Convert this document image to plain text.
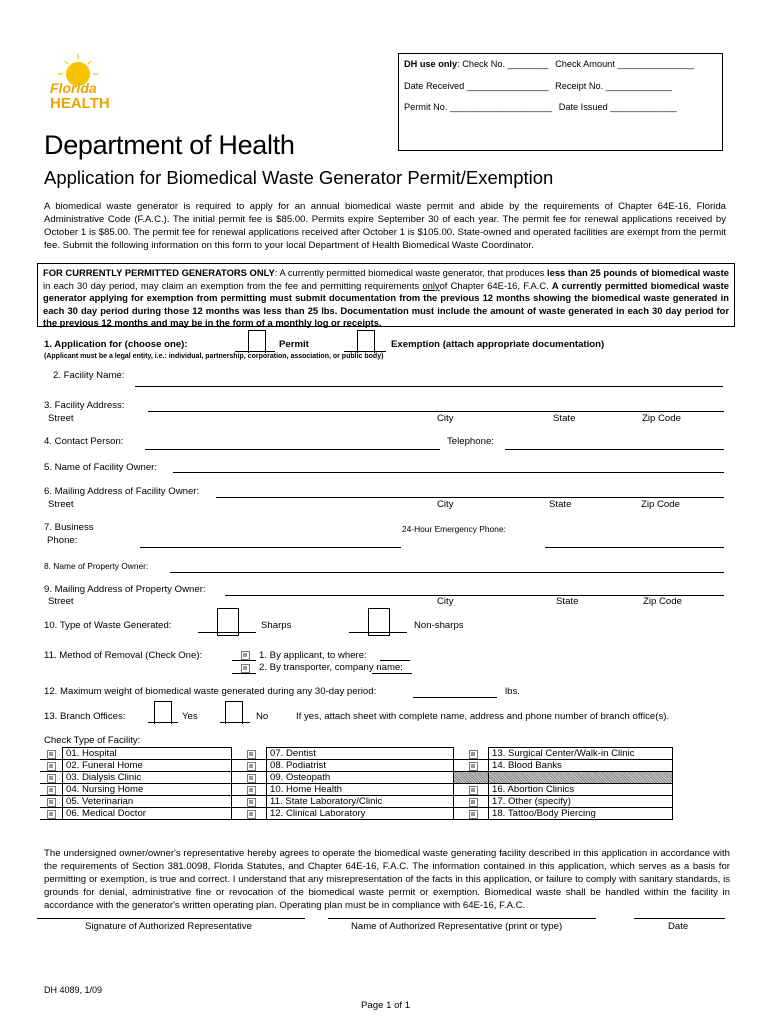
Florida
HEALTH
DH use only: Check No. ________ Check Amount _______________
Date Received ________________ Receipt No. _____________
Permit No. ____________________ Date Issued _____________
Department of Health
Application for Biomedical Waste Generator Permit/Exemption
A biomedical waste generator is required to apply for an annual biomedical waste permit and abide by the requirements of Chapter 64E-16, Florida Administrative Code (F.A.C.). The initial permit fee is $85.00. Permits expire September 30 of each year. The permit fee for renewal applications received by October 1 is $85.00. The permit fee for renewal applications received after October 1 is $105.00. State-owned and operated facilities are exempt from the permit fee. Submit the following information on this form to your local Department of Health Biomedical Waste Coordinator.

FOR CURRENTLY PERMITTED GENERATORS ONLY: A currently permitted biomedical waste generator, that produces less than 25 pounds of biomedical waste in each 30 day period, may claim an exemption from the fee and permitting requirements onlyof Chapter 64E-16, F.A.C. A currently permitted biomedical waste generator applying for exemption from permitting must submit documentation from the previous 12 months showing the biomedical waste generated in each 30 day period during those 12 months was less than 25 lbs. Documentation must include the amount of waste generated in each 30 day period for the previous 12 months and may be in the form of a monthly log or receipts.

1. Application for (choose one):	Permit	Exemption (attach appropriate documentation)
(Applicant must be a legal entity, i.e.: individual, partnership, corporation, association, or public body)
2. Facility Name:
3. Facility Address:
Street	City	State	Zip Code
4. Contact Person:	Telephone:
5. Name of Facility Owner:
6. Mailing Address of Facility Owner:
Street	City	State	Zip Code
7. Business
Phone:
24-Hour Emergency Phone:
8. Name of Property Owner:
9. Mailing Address of Property Owner:
Street	City	State	Zip Code
10. Type of Waste Generated:	Sharps	Non-sharps
11. Method of Removal (Check One):	1. By applicant, to where:
2. By transporter, company name:
12. Maximum weight of biomedical waste generated during any 30-day period:	lbs.
13. Branch Offices:	Yes	No	If yes, attach sheet with complete name, address and phone number of branch office(s).
Check Type of Facility:
	01. Hospital		07. Dentist		13. Surgical Center/Walk-in Clinic

	02. Funeral Home		08. Podiatrist		14. Blood Banks

	03. Dialysis Clinic		09. Osteopath		

	04. Nursing Home		10. Home Health		16. Abortion Clinics

	05. Veterinarian		11. State Laboratory/Clinic		17. Other (specify)

	06. Medical Doctor		12. Clinical Laboratory		18. Tattoo/Body Piercing
The undersigned owner/owner's representative hereby agrees to operate the biomedical waste generating facility described in this application in accordance with the requirements of Section 381.0098, Florida Statutes, and Chapter 64E-16, F.A.C. The information contained in this application, which serves as a basis for permitting or exemption, is true and correct. I understand that any misrepresentation of the facts in this application, or failure to comply with sanitary standards, is grounds for denial, administrative fine or revocation of the biomedical waste permit or exemption. Biomedical waste shall be handled within the facility in accordance with the generator's written operating plan. Operating plan must be in compliance with 64E-16, F.A.C.
Signature of Authorized Representative	Name of Authorized Representative (print or type)	Date
DH 4089, 1/09
Page 1 of 1
